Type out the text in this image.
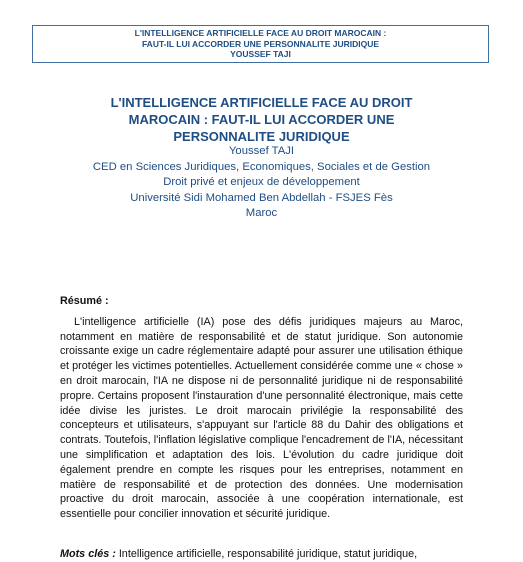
L'INTELLIGENCE ARTIFICIELLE FACE AU DROIT MAROCAIN :
FAUT-IL LUI ACCORDER UNE PERSONNALITE JURIDIQUE
YOUSSEF TAJI
L'INTELLIGENCE ARTIFICIELLE FACE AU DROIT
MAROCAIN : FAUT-IL LUI ACCORDER UNE
PERSONNALITE JURIDIQUE
Youssef TAJI
CED en Sciences Juridiques, Economiques, Sociales et de Gestion
Droit privé et enjeux de développement
Université Sidi Mohamed Ben Abdellah - FSJES Fès
Maroc

Résumé :

L'intelligence artificielle (IA) pose des défis juridiques majeurs au Maroc, notamment en matière de responsabilité et de statut juridique. Son autonomie croissante exige un cadre réglementaire adapté pour assurer une utilisation éthique et protéger les victimes potentielles. Actuellement considérée comme une « chose » en droit marocain, l'IA ne dispose ni de personnalité juridique ni de responsabilité propre. Certains proposent l'instauration d'une personnalité électronique, mais cette idée divise les juristes. Le droit marocain privilégie la responsabilité des concepteurs et utilisateurs, s'appuyant sur l'article 88 du Dahir des obligations et contrats. Toutefois, l'inflation législative complique l'encadrement de l'IA, nécessitant une simplification et adaptation des lois. L'évolution du cadre juridique doit également prendre en compte les risques pour les entreprises, notamment en matière de responsabilité et de protection des données. Une modernisation proactive du droit marocain, associée à une coopération internationale, est essentielle pour concilier innovation et sécurité juridique.

Mots clés : Intelligence artificielle, responsabilité juridique, statut juridique,
